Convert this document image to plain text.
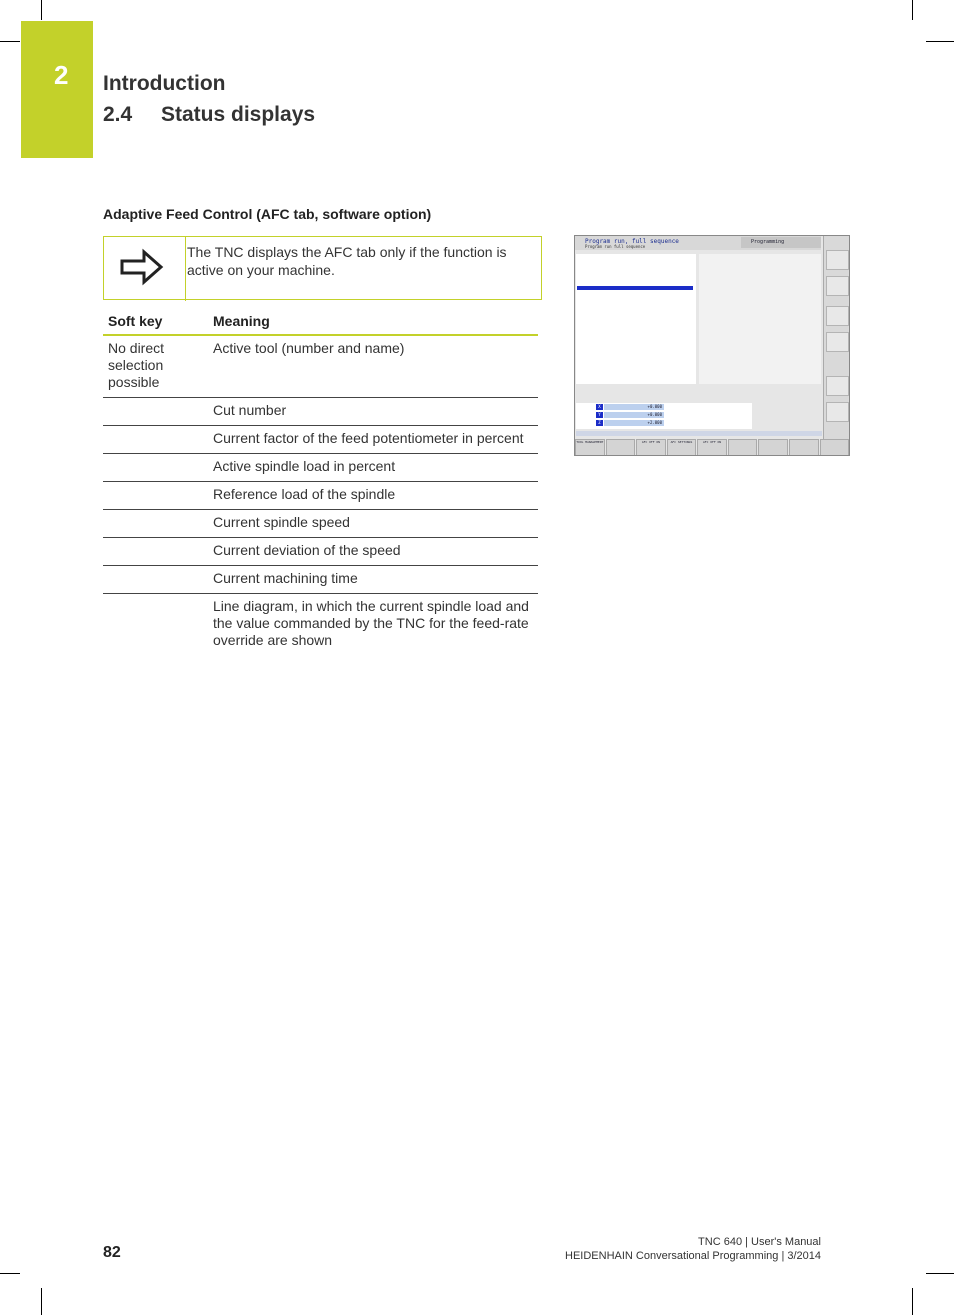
2 Introduction
2.4 Status displays
Adaptive Feed Control (AFC tab, software option)
The TNC displays the AFC tab only if the function is active on your machine.
Soft key	Meaning
No direct selection possible	Active tool (number and name)
	Cut number
	Current factor of the feed potentiometer in percent
	Active spindle load in percent
	Reference load of the spindle
	Current spindle speed
	Current deviation of the speed
	Current machining time
	Line diagram, in which the current spindle load and the value commanded by the TNC for the feed-rate override are shown
Program run, full sequence
Program run full sequence
Programming
X	+0.000
Y	+0.000
Z	+2.000
TOOL MANAGEMENT	AFC OFF ON	AFC SETTINGS	AFC OFF ON
82
TNC 640 | User's Manual
HEIDENHAIN Conversational Programming | 3/2014
